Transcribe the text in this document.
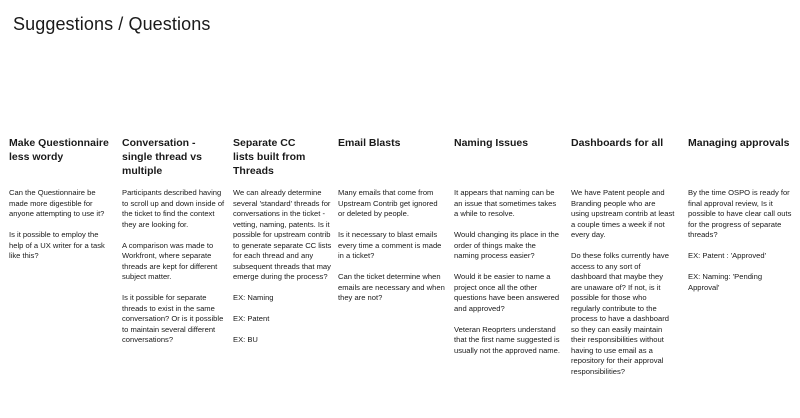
Suggestions / Questions
Make Questionnaire less wordy

Can the Questionnaire be made more digestible for anyone attempting to use it?

Is it possible to employ the help of a UX writer for a task like this?

Conversation - single thread vs multiple

Participants described having to scroll up and down inside of the ticket to find the context they are looking for.

A comparison was made to Workfront, where separate threads are kept for different subject matter.

Is it possible for separate threads to exist in the same conversation? Or is it possible to maintain several different conversations?

Separate CC lists built from Threads

We can already determine several 'standard' threads for conversations in the ticket - vetting, naming, patents. Is it possible for upstream contrib to generate separate CC lists for each thread and any subsequent threads that may emerge during the process?

EX: Naming

EX: Patent

EX: BU

Email Blasts

Many emails that come from Upstream Contrib get ignored or deleted by people.

Is it necessary to blast emails every time a comment is made in a ticket?

Can the ticket determine when emails are necessary and when they are not?

Naming Issues

It appears that naming can be an issue that sometimes takes a while to resolve.

Would changing its place in the order of things make the naming process easier?

Would it be easier to name a project once all the other questions have been answered and approved?

Veteran Reoprters understand that the first name suggested is usually not the approved name.

Dashboards for all

We have Patent people and Branding people who are using upstream contrib at least a couple times a week if not every day.

Do these folks currently have access to any sort of dashboard that maybe they are unaware of? If not, is it possible for those who regularly contribute to the process to have a dashboard so they can easily maintain their responsibilities without having to use email as a repository for their approval responsibilities?

Managing approvals

By the time OSPO is ready for final approval review, Is it possible to have clear call outs for the progress of separate threads?

EX: Patent : 'Approved'

EX: Naming: 'Pending Approval'
